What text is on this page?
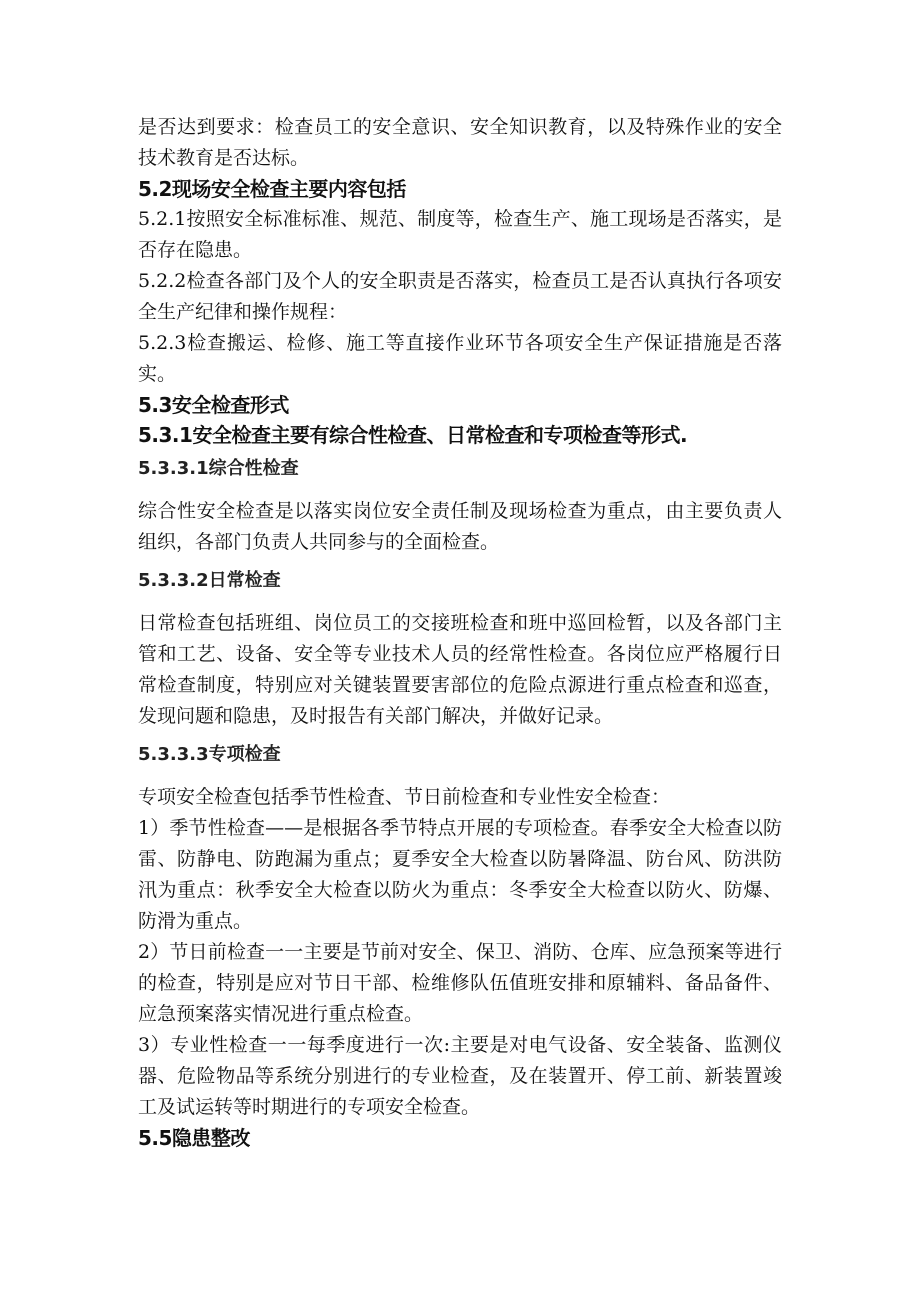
是否达到要求：检查员工的安全意识、安全知识教育，以及特殊作业的安全技术教育是否达标。

5.2现场安全检查主要内容包括

5.2.1按照安全标准标准、规范、制度等，检查生产、施工现场是否落实，是否存在隐患。

5.2.2检查各部门及个人的安全职责是否落实，检查员工是否认真执行各项安全生产纪律和操作规程：

5.2.3检查搬运、检修、施工等直接作业环节各项安全生产保证措施是否落实。

5.3安全检查形式
5.3.1安全检查主要有综合性检查、日常检查和专项检查等形式.
5.3.3.1综合性检查

综合性安全检查是以落实岗位安全责任制及现场检查为重点，由主要负责人组织，各部门负责人共同参与的全面检查。

5.3.3.2日常检查

日常检查包括班组、岗位员工的交接班检查和班中巡回检暂，以及各部门主管和工艺、设备、安全等专业技术人员的经常性检查。各岗位应严格履行日常检查制度，特别应对关键装置要害部位的危险点源进行重点检查和巡查，发现问题和隐患，及时报告有关部门解决，并做好记录。

5.3.3.3专项检查

专项安全检查包括季节性检査、节日前检查和专业性安全检查：

1）季节性检查——是根据各季节特点开展的专项检查。春季安全大检查以防雷、防静电、防跑漏为重点；夏季安全大检查以防暑降温、防台风、防洪防汛为重点：秋季安全大检查以防火为重点：冬季安全大检查以防火、防爆、防滑为重点。

2）节日前检查一一主要是节前对安全、保卫、消防、仓库、应急预案等进行的检查，特别是应对节日干部、检维修队伍值班安排和原辅料、备品备件、应急预案落实情况进行重点检查。

3）专业性检查一一每季度进行一次:主要是对电气设备、安全装备、监测仪器、危险物品等系统分别进行的专业检查，及在装置开、停工前、新装置竣工及试运转等时期进行的专项安全检查。

5.5隐患整改
